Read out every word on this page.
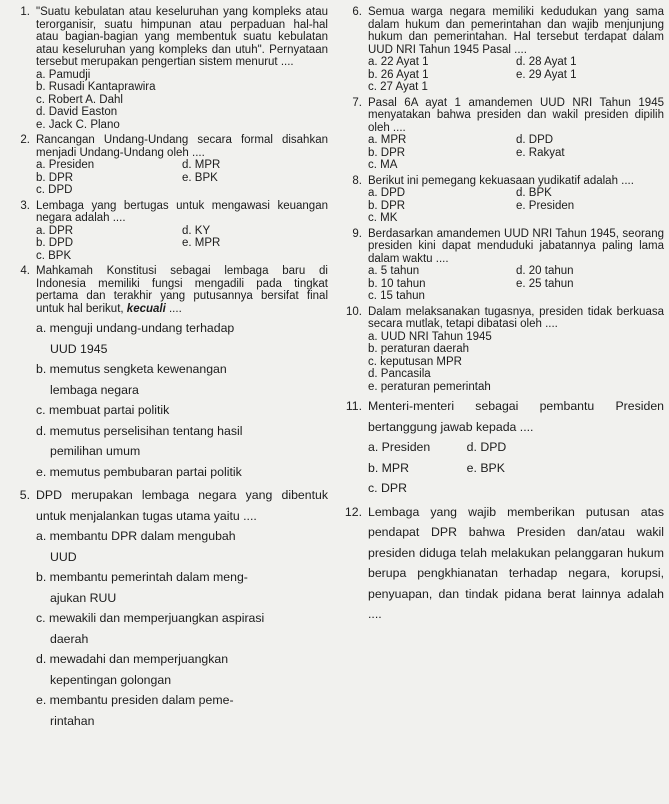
1. "Suatu kebulatan atau keseluruhan yang kompleks atau terorganisir, suatu himpunan atau perpaduan hal-hal atau bagian-bagian yang membentuk suatu kebulatan atau keseluruhan yang kompleks dan utuh". Pernyataan tersebut merupakan pengertian sistem menurut ....
a. Pamudji
b. Rusadi Kantaprawira
c. Robert A. Dahl
d. David Easton
e. Jack C. Plano
2. Rancangan Undang-Undang secara formal disahkan menjadi Undang-Undang oleh ....
a. Presiden	d. MPR
b. DPR	e. BPK
c. DPD
3. Lembaga yang bertugas untuk mengawasi keuangan negara adalah ....
a. DPR	d. KY
b. DPD	e. MPR
c. BPK
4. Mahkamah Konstitusi sebagai lembaga baru di Indonesia memiliki fungsi mengadili pada tingkat pertama dan terakhir yang putusannya bersifat final untuk hal berikut, kecuali ....
a. menguji undang-undang terhadap
UUD 1945
b. memutus sengketa kewenangan
lembaga negara
c. membuat partai politik
d. memutus perselisihan tentang hasil
pemilihan umum
e. memutus pembubaran partai politik
5. DPD merupakan lembaga negara yang dibentuk untuk menjalankan tugas utama yaitu ....
a. membantu DPR dalam mengubah
UUD
b. membantu pemerintah dalam meng-
ajukan RUU
c. mewakili dan memperjuangkan aspirasi
daerah
d. mewadahi dan memperjuangkan
kepentingan golongan
e. membantu presiden dalam peme-
rintahan
6. Semua warga negara memiliki kedudukan yang sama dalam hukum dan pemerintahan dan wajib menjunjung hukum dan pemerintahan. Hal tersebut terdapat dalam UUD NRI Tahun 1945 Pasal ....
a. 22 Ayat 1	d. 28 Ayat 1
b. 26 Ayat 1	e. 29 Ayat 1
c. 27 Ayat 1
7. Pasal 6A ayat 1 amandemen UUD NRI Tahun 1945 menyatakan bahwa presiden dan wakil presiden dipilih oleh ....
a. MPR	d. DPD
b. DPR	e. Rakyat
c. MA
8. Berikut ini pemegang kekuasaan yudikatif adalah ....
a. DPD	d. BPK
b. DPR	e. Presiden
c. MK
9. Berdasarkan amandemen UUD NRI Tahun 1945, seorang presiden kini dapat menduduki jabatannya paling lama dalam waktu ....
a. 5 tahun	d. 20 tahun
b. 10 tahun	e. 25 tahun
c. 15 tahun
10. Dalam melaksanakan tugasnya, presiden tidak berkuasa secara mutlak, tetapi dibatasi oleh ....
a. UUD NRI Tahun 1945
b. peraturan daerah
c. keputusan MPR
d. Pancasila
e. peraturan pemerintah
11. Menteri-menteri sebagai pembantu Presiden bertanggung jawab kepada ....
a. Presiden	d. DPD
b. MPR	e. BPK
c. DPR
12. Lembaga yang wajib memberikan putusan atas pendapat DPR bahwa Presiden dan/atau wakil presiden diduga telah melakukan pelanggaran hukum berupa pengkhianatan terhadap negara, korupsi, penyuapan, dan tindak pidana berat lainnya adalah ....
